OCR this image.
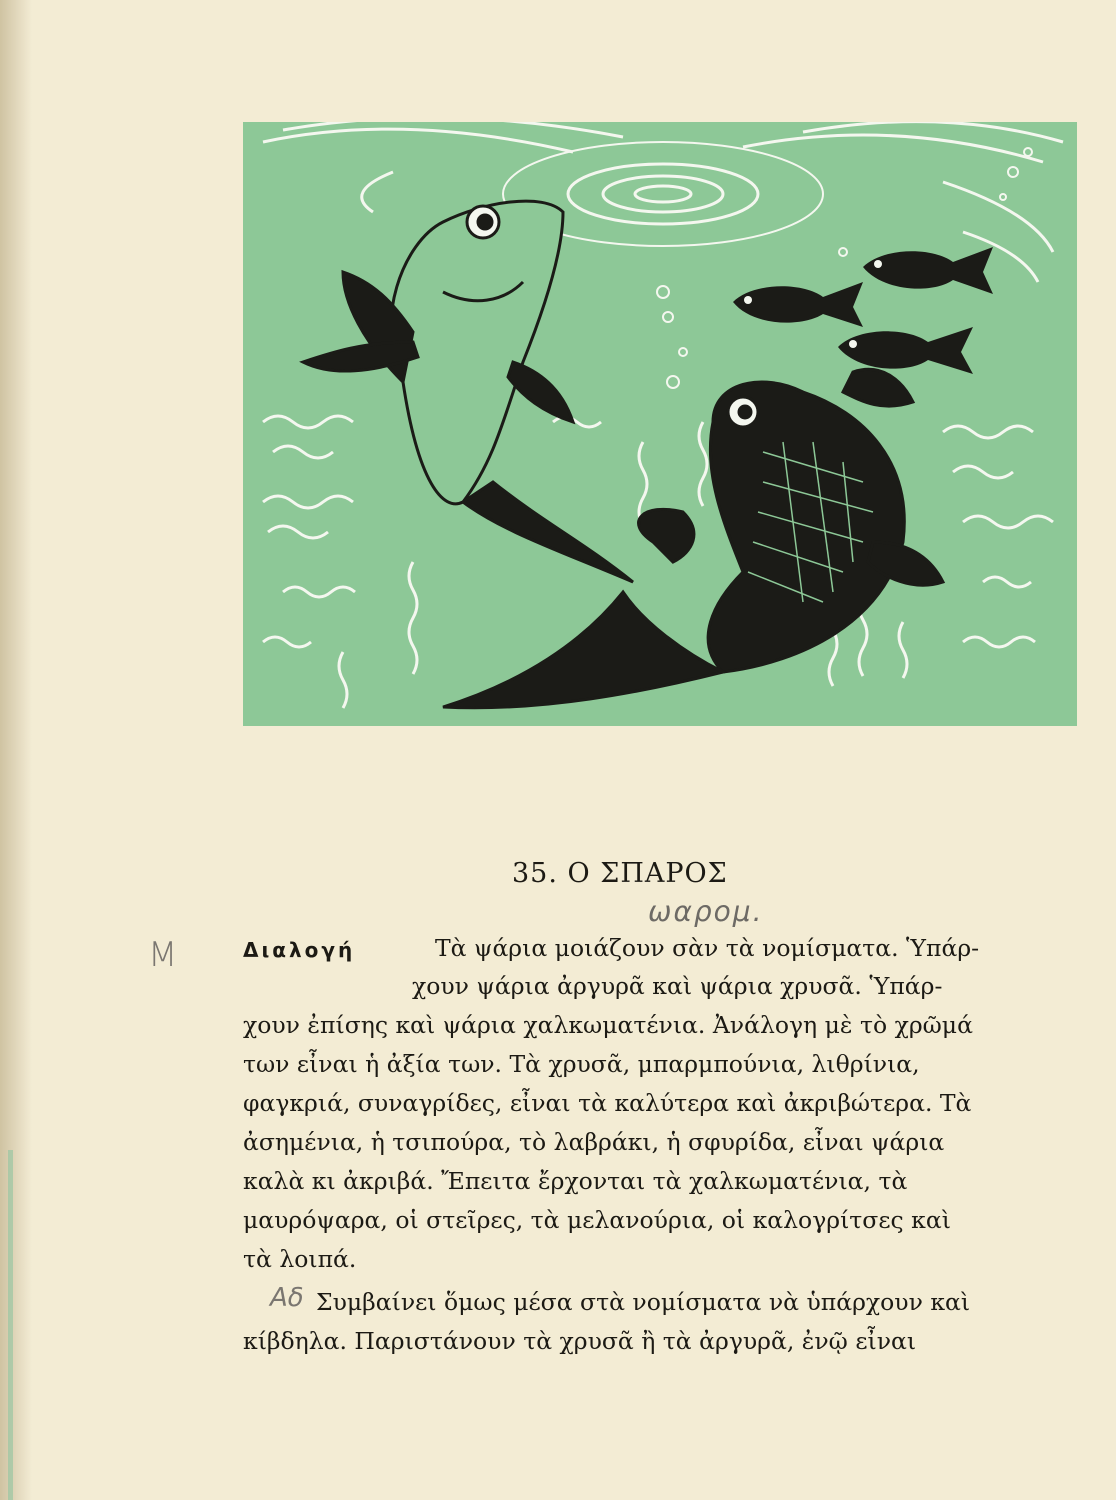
35. Ο ΣΠΑΡΟΣ
M
ωαρομ.
Αδ
Διαλογή	Τὰ ψάρια μοιάζουν σὰν τὰ νομίσματα. Ὑπάρ-
χουν ψάρια ἀργυρᾶ καὶ ψάρια χρυσᾶ. Ὑπάρ-
χουν ἐπίσης καὶ ψάρια χαλκωματένια. Ἀνάλογη μὲ τὸ χρῶμά
των εἶναι ἡ ἀξία των. Τὰ χρυσᾶ, μπαρμπούνια, λιθρίνια,
φαγκριά, συναγρίδες, εἶναι τὰ καλύτερα καὶ ἀκριβώτερα. Τὰ
ἀσημένια, ἡ τσιπούρα, τὸ λαβράκι, ἡ σφυρίδα, εἶναι ψάρια
καλὰ κι ἀκριβά. Ἔπειτα ἔρχονται τὰ χαλκωματένια, τὰ
μαυρόψαρα, οἱ στεῖρες, τὰ μελανούρια, οἱ καλογρίτσες καὶ
τὰ λοιπά.
Συμβαίνει ὅμως μέσα στὰ νομίσματα νὰ ὑπάρχουν καὶ
κίβδηλα. Παριστάνουν τὰ χρυσᾶ ἢ τὰ ἀργυρᾶ, ἐνῷ εἶναι
